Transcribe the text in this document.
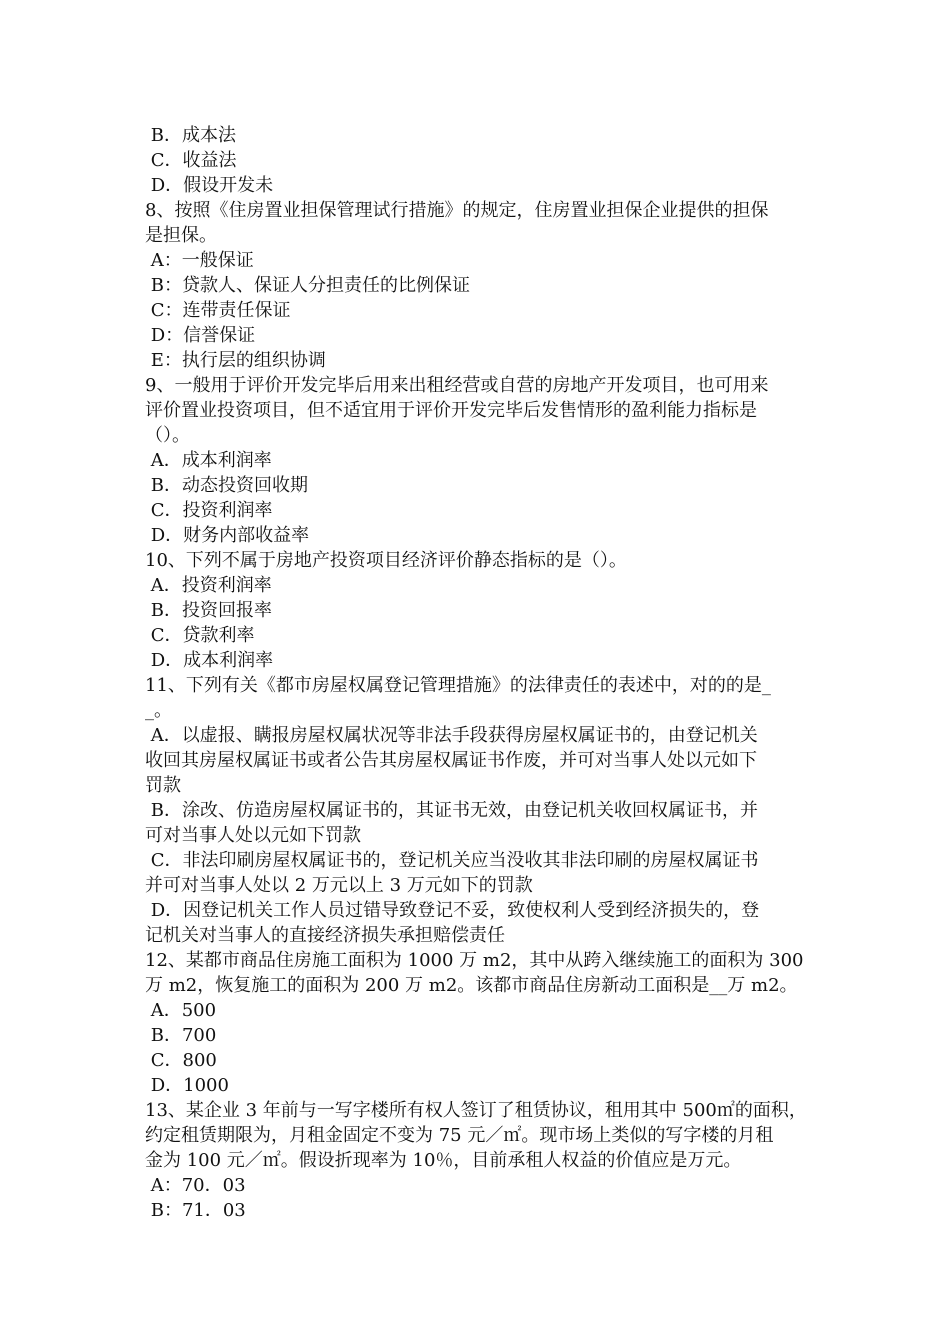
B．成本法
C．收益法
D．假设开发未
8、按照《住房置业担保管理试行措施》的规定，住房置业担保企业提供的担保
是担保。
A：一般保证
B：贷款人、保证人分担责任的比例保证
C：连带责任保证
D：信誉保证
E：执行层的组织协调
9、一般用于评价开发完毕后用来出租经营或自营的房地产开发项目，也可用来
评价置业投资项目，但不适宜用于评价开发完毕后发售情形的盈利能力指标是
（）。
A．成本利润率
B．动态投资回收期
C．投资利润率
D．财务内部收益率
10、下列不属于房地产投资项目经济评价静态指标的是（）。
A．投资利润率
B．投资回报率
C．贷款利率
D．成本利润率
11、下列有关《都市房屋权属登记管理措施》的法律责任的表述中，对的的是_
_。
A．以虚报、瞒报房屋权属状况等非法手段获得房屋权属证书的，由登记机关
收回其房屋权属证书或者公告其房屋权属证书作废，并可对当事人处以元如下
罚款
B．涂改、仿造房屋权属证书的，其证书无效，由登记机关收回权属证书，并
可对当事人处以元如下罚款
C．非法印刷房屋权属证书的，登记机关应当没收其非法印刷的房屋权属证书
并可对当事人处以 2 万元以上 3 万元如下的罚款
D．因登记机关工作人员过错导致登记不妥，致使权利人受到经济损失的，登
记机关对当事人的直接经济损失承担赔偿责任
12、某都市商品住房施工面积为 1000 万 m2，其中从跨入继续施工的面积为 300
万 m2，恢复施工的面积为 200 万 m2。该都市商品住房新动工面积是__万 m2。
A．500
B．700
C．800
D．1000
13、某企业 3 年前与一写字楼所有权人签订了租赁协议，租用其中 500㎡的面积，
约定租赁期限为，月租金固定不变为 75 元／㎡。现市场上类似的写字楼的月租
金为 100 元／㎡。假设折现率为 10％，目前承租人权益的价值应是万元。
A：70．03
B：71．03
